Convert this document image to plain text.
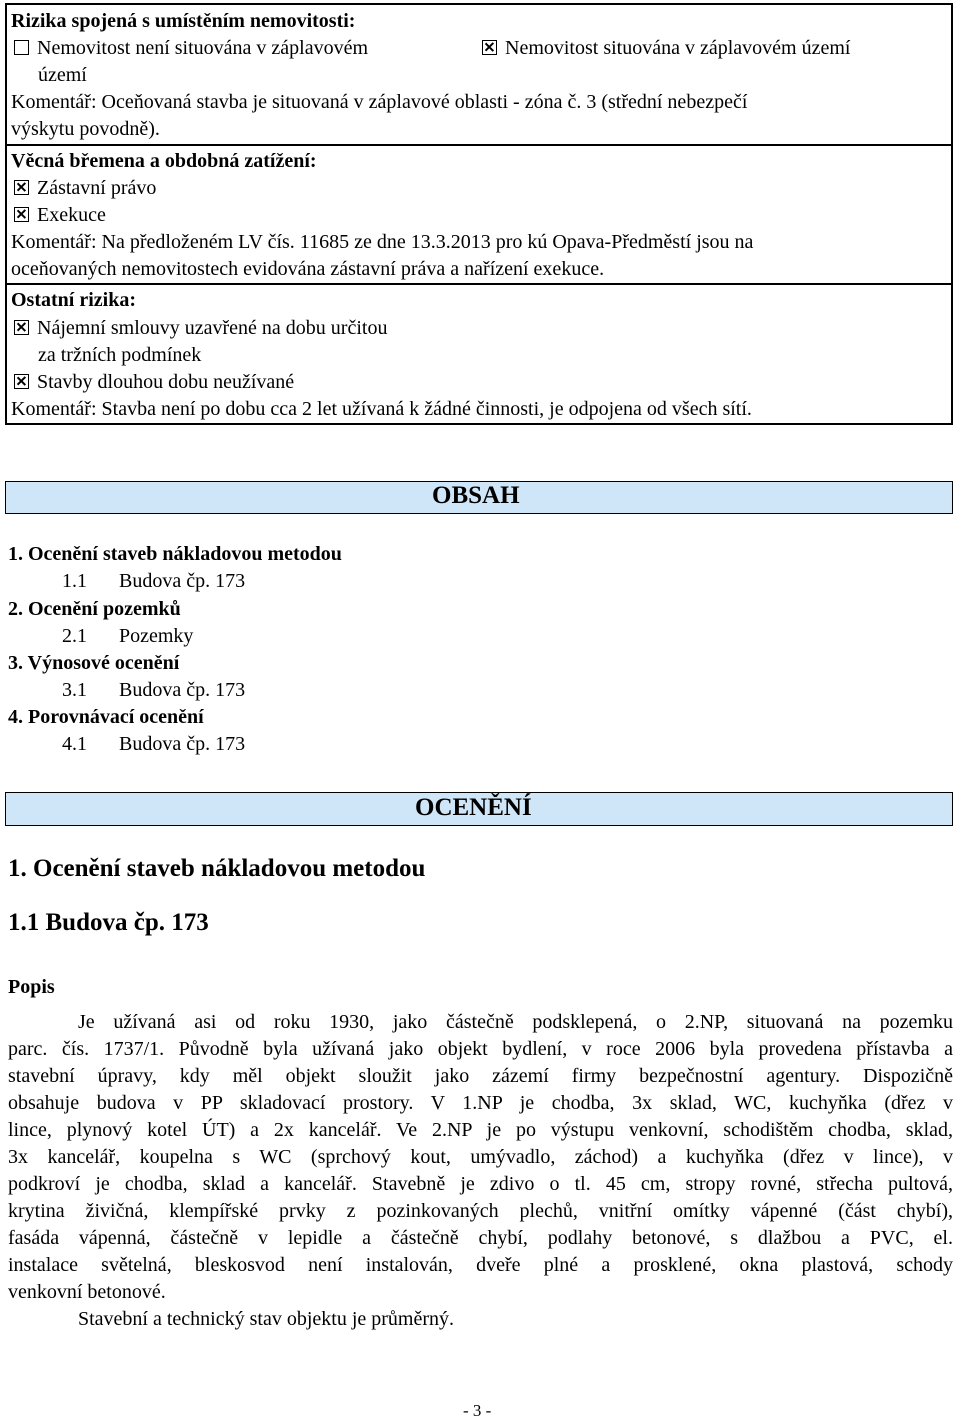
Rizika spojená s umístěním nemovitosti:
Nemovitost není situována v záplavovém
území
Nemovitost situována v záplavovém území
Komentář: Oceňovaná stavba je situovaná v záplavové oblasti - zóna č. 3 (střední nebezpečí
výskytu povodně).
Věcná břemena a obdobná zatížení:
Zástavní právo
Exekuce
Komentář: Na předloženém LV čís. 11685 ze dne 13.3.2013 pro kú Opava-Předměstí jsou na
oceňovaných nemovitostech evidována zástavní práva a nařízení exekuce.
Ostatní rizika:
Nájemní smlouvy uzavřené na dobu určitou
za tržních podmínek
Stavby dlouhou dobu neužívané
Komentář: Stavba není po dobu cca 2 let užívaná k žádné činnosti, je odpojena od všech sítí.
OBSAH
1. Ocenění staveb nákladovou metodou
1.1 Budova čp. 173
2. Ocenění pozemků
2.1 Pozemky
3. Výnosové ocenění
3.1 Budova čp. 173
4. Porovnávací ocenění
4.1 Budova čp. 173
OCENĚNÍ
1. Ocenění staveb nákladovou metodou
1.1 Budova čp. 173
Popis
Je užívaná asi od roku 1930, jako částečně podsklepená, o 2.NP, situovaná na pozemku
parc. čís. 1737/1. Původně byla užívaná jako objekt bydlení, v roce 2006 byla provedena přístavba a
stavební úpravy, kdy měl objekt sloužit jako zázemí firmy bezpečnostní agentury. Dispozičně
obsahuje budova v PP skladovací prostory. V 1.NP je chodba, 3x sklad, WC, kuchyňka (dřez v
lince, plynový kotel ÚT) a 2x kancelář. Ve 2.NP je po výstupu venkovní, schodištěm chodba, sklad,
3x kancelář, koupelna s WC (sprchový kout, umývadlo, záchod) a kuchyňka (dřez v lince), v
podkroví je chodba, sklad a kancelář. Stavebně je zdivo o tl. 45 cm, stropy rovné, střecha pultová,
krytina živičná, klempířské prvky z pozinkovaných plechů, vnitřní omítky vápenné (část chybí),
fasáda vápenná, částečně v lepidle a částečně chybí, podlahy betonové, s dlažbou a PVC, el.
instalace světelná, bleskosvod není instalován, dveře plné a prosklené, okna plastová, schody
venkovní betonové.
Stavební a technický stav objektu je průměrný.
- 3 -
